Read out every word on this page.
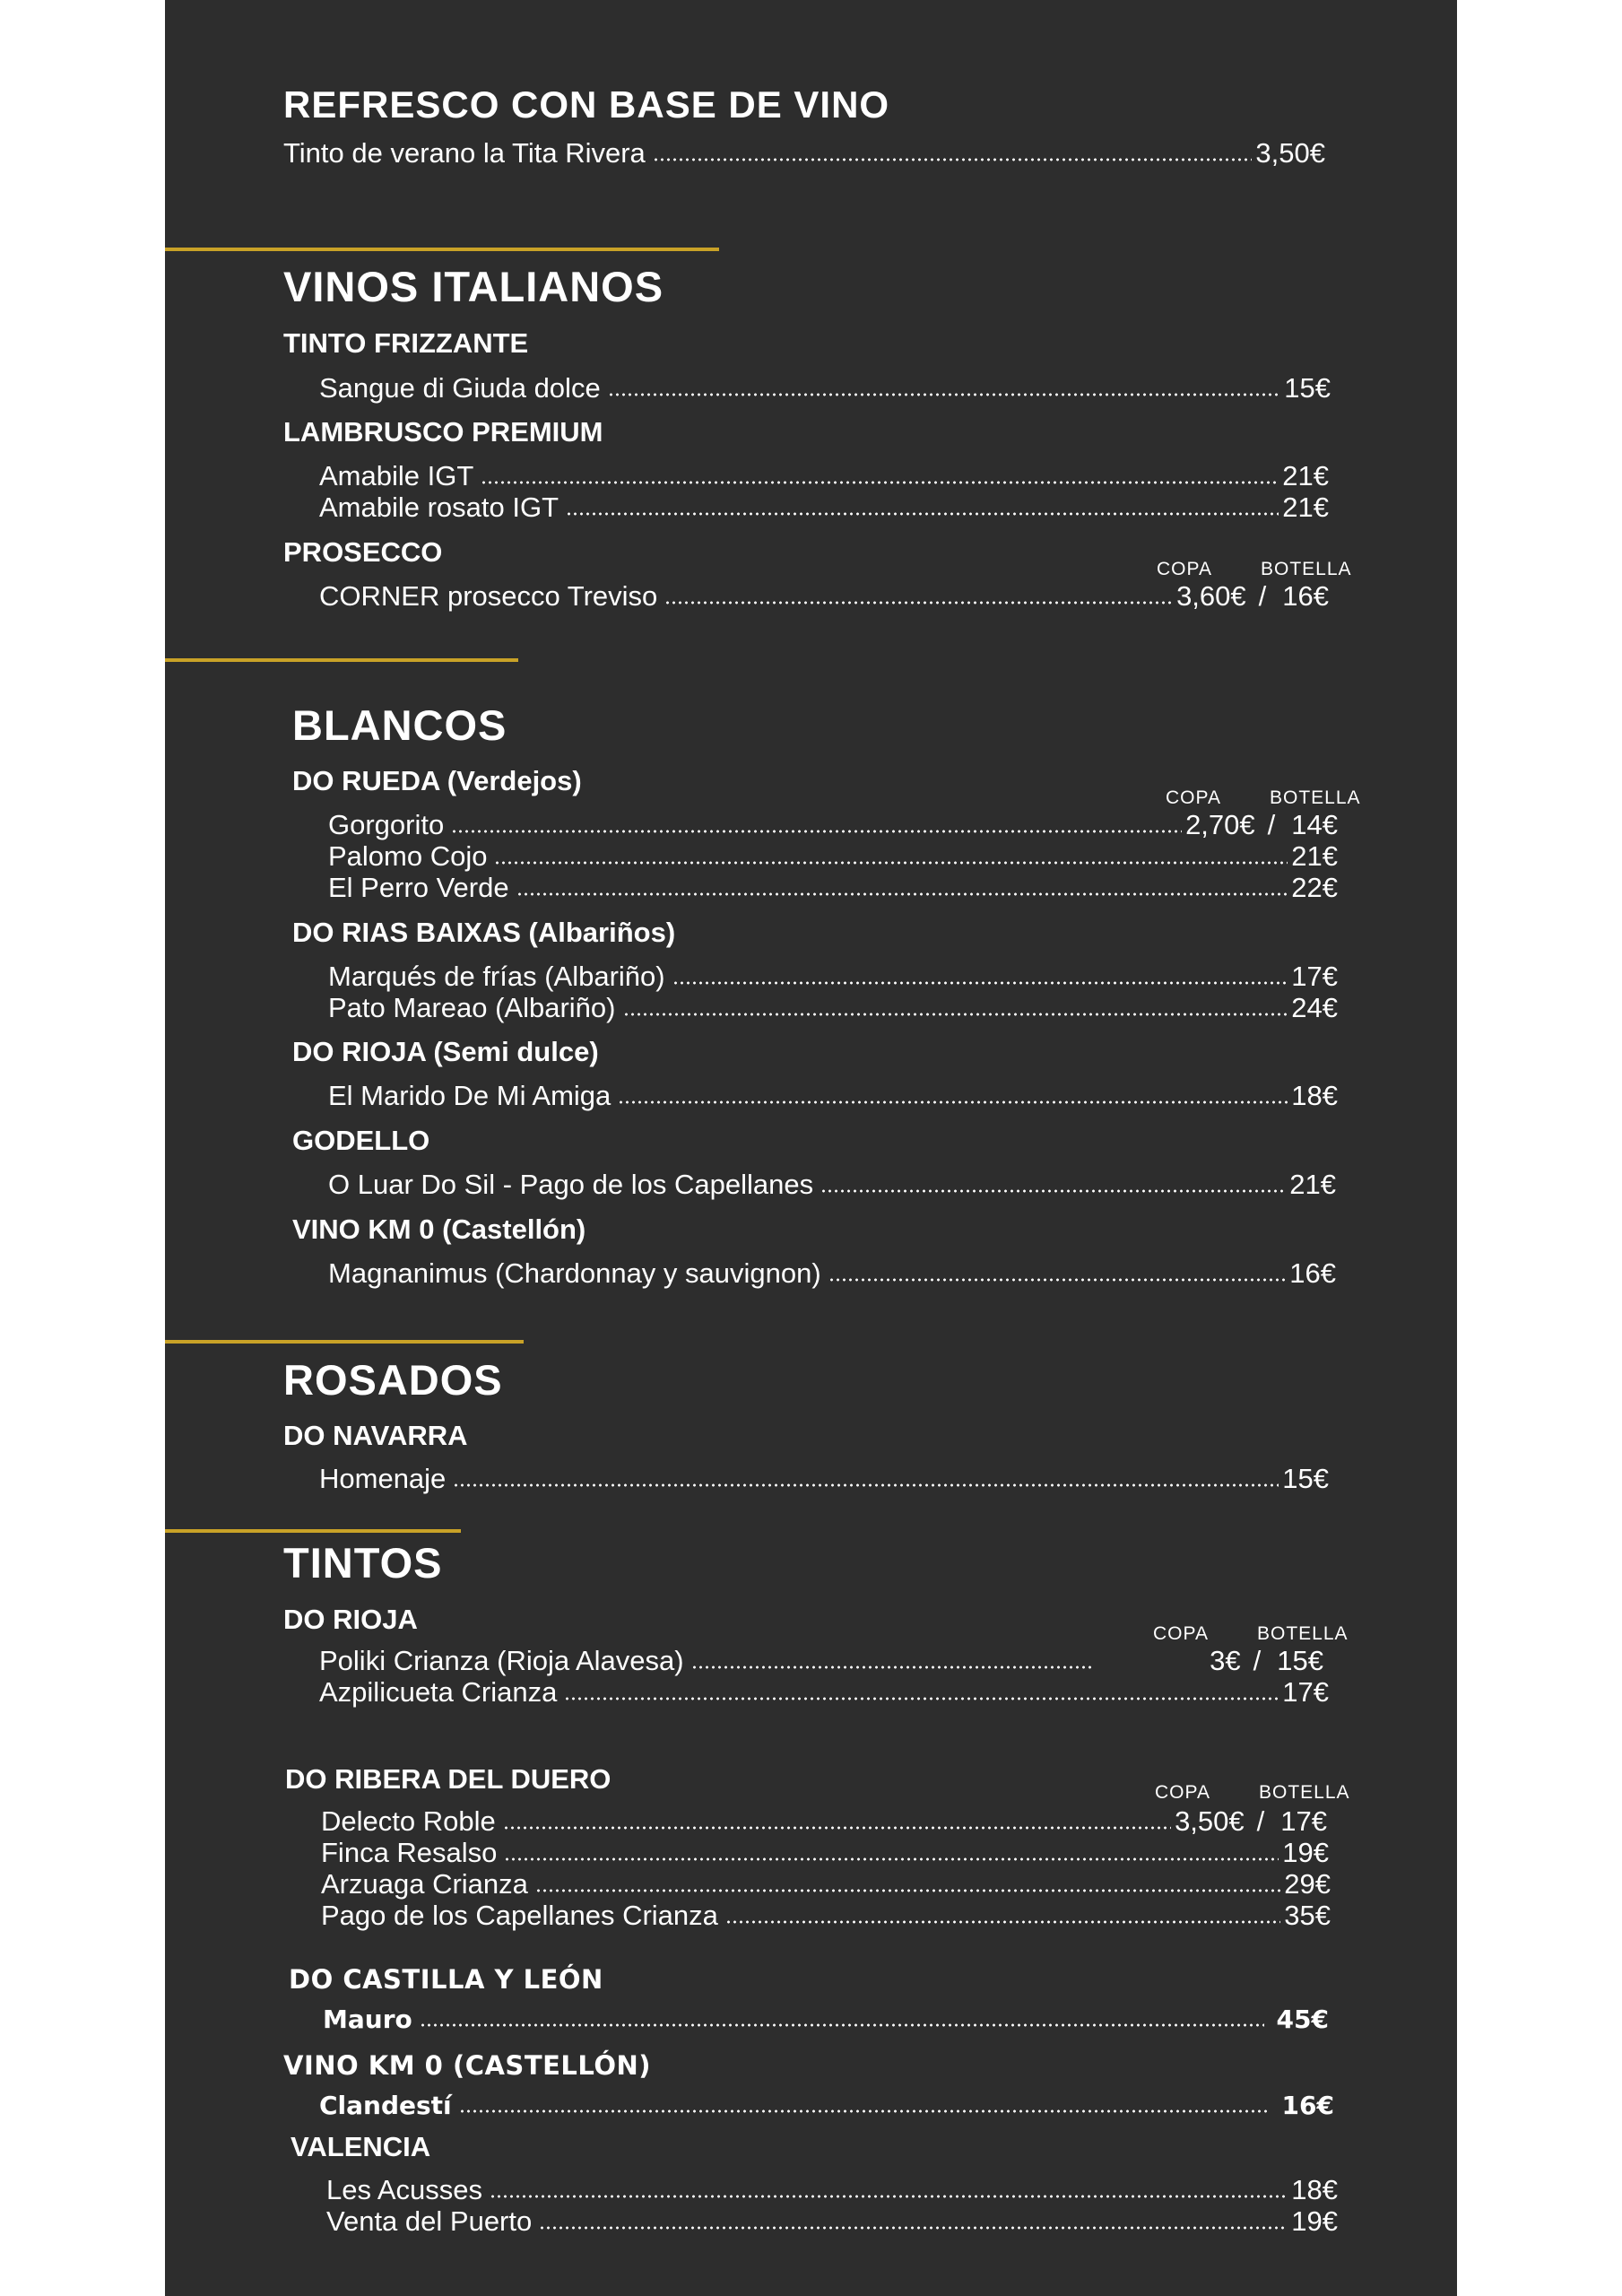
REFRESCO CON BASE DE VINO
Tinto de verano la Tita Rivera	3,50€
VINOS ITALIANOS
TINTO FRIZZANTE
Sangue di Giuda dolce	15€
LAMBRUSCO PREMIUM
Amabile IGT	21€
Amabile rosato IGT	21€
PROSECCO
COPA	BOTELLA
CORNER prosecco Treviso	3,60€ / 16€
BLANCOS
DO RUEDA (Verdejos)
COPA	BOTELLA
Gorgorito	2,70€ / 14€
Palomo Cojo	21€
El Perro Verde	22€
DO RIAS BAIXAS (Albariños)
Marqués de frías (Albariño)	17€
Pato Mareao (Albariño)	24€
DO RIOJA (Semi dulce)
El Marido De Mi Amiga	18€
GODELLO
O Luar Do Sil - Pago de los Capellanes	21€
VINO KM 0 (Castellón)
Magnanimus (Chardonnay y sauvignon)	16€
ROSADOS
DO NAVARRA
Homenaje	15€
TINTOS
DO RIOJA	COPA	BOTELLA
Poliki Crianza (Rioja Alavesa)	3€ / 15€
Azpilicueta Crianza	17€
DO RIBERA DEL DUERO	COPA	BOTELLA
Delecto Roble	3,50€ / 17€
Finca Resalso	19€
Arzuaga Crianza	29€
Pago de los Capellanes Crianza	35€
DO CASTILLA Y LEÓN
Mauro	45€
VINO KM 0 (CASTELLÓN)
Clandestí	16€
VALENCIA
Les Acusses	18€
Venta del Puerto	19€
